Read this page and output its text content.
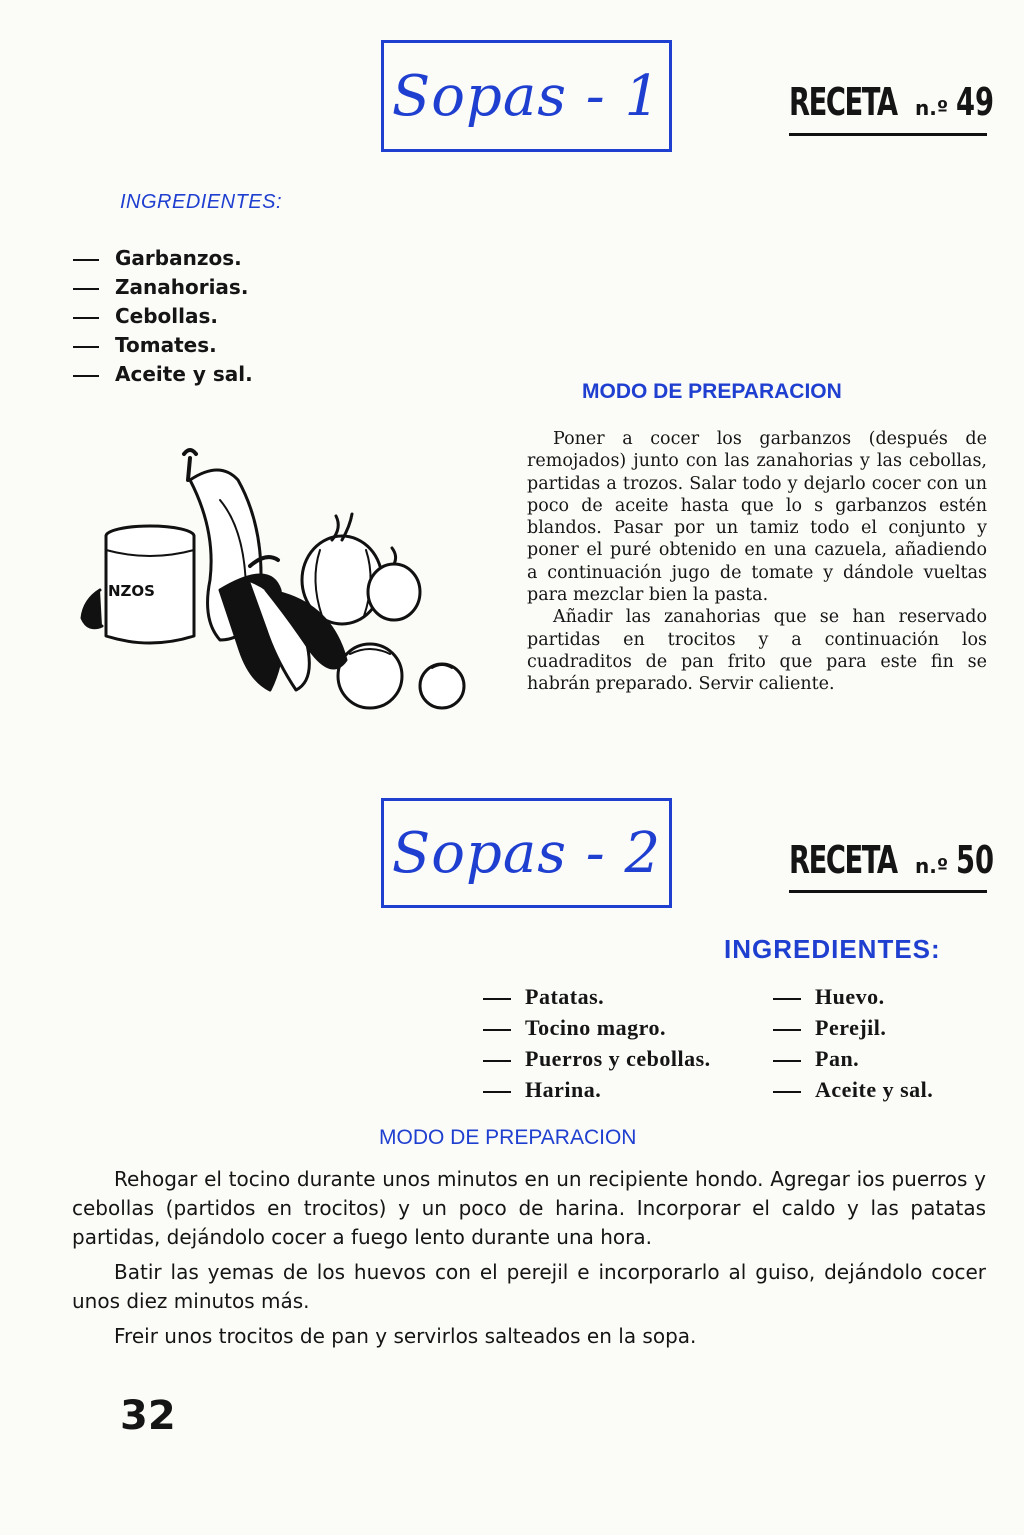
Sopas - 1	RECETA n.º 49
INGREDIENTES:
Garbanzos.
Zanahorias.
Cebollas.
Tomates.
Aceite y sal.
MODO DE PREPARACION

Poner a cocer los garbanzos (después de remojados) junto con las zanahorias y las cebollas, partidas a trozos. Salar todo y dejarlo cocer con un poco de aceite hasta que lo s garbanzos estén blandos. Pasar por un tamiz todo el conjunto y poner el puré obtenido en una cazuela, añadiendo a continuación jugo de tomate y dándole vueltas para mezclar bien la pasta.

Añadir las zanahorias que se han reservado partidas en trocitos y a continuación los cuadraditos de pan frito que para este fin se habrán preparado. Servir caliente.

NZOS
Sopas - 2	RECETA n.º 50
INGREDIENTES:
Patatas.
Tocino magro.
Puerros y cebollas.
Harina.
Huevo.
Perejil.
Pan.
Aceite y sal.
MODO DE PREPARACION

Rehogar el tocino durante unos minutos en un recipiente hondo. Agregar ios puerros y cebollas (partidos en trocitos) y un poco de harina. Incorporar el caldo y las patatas partidas, dejándolo cocer a fuego lento durante una hora.

Batir las yemas de los huevos con el perejil e incorporarlo al guiso, dejándolo cocer unos diez minutos más.

Freir unos trocitos de pan y servirlos salteados en la sopa.

32
